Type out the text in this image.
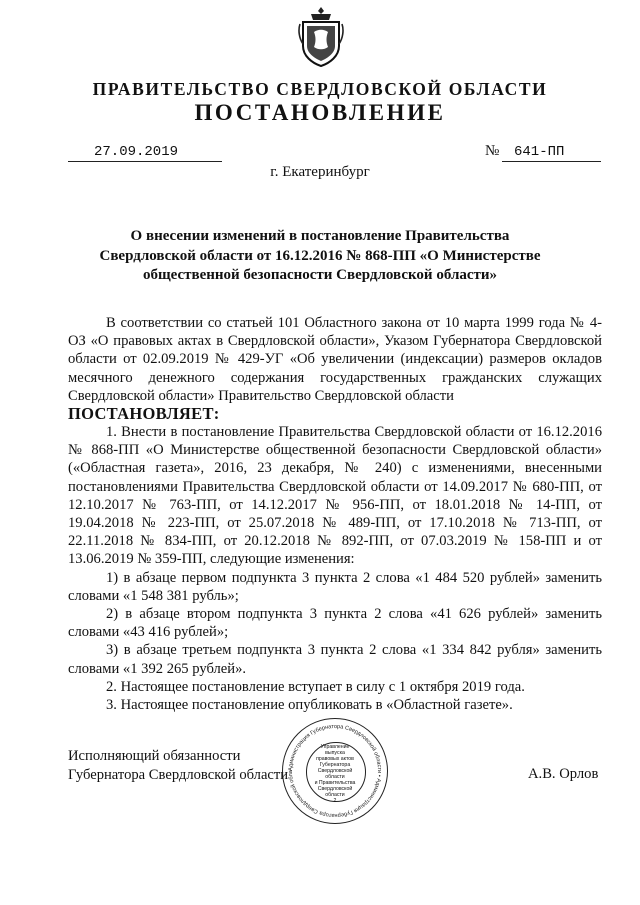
ПРАВИТЕЛЬСТВО СВЕРДЛОВСКОЙ ОБЛАСТИ
ПОСТАНОВЛЕНИЕ
27.09.2019	№ 641-ПП
г. Екатеринбург
О внесении изменений в постановление Правительства Свердловской области от 16.12.2016 № 868-ПП «О Министерстве общественной безопасности Свердловской области»

В соответствии со статьей 101 Областного закона от 10 марта 1999 года № 4-ОЗ «О правовых актах в Свердловской области», Указом Губернатора Свердловской области от 02.09.2019 № 429-УГ «Об увеличении (индексации) размеров окладов месячного денежного содержания государственных гражданских служащих Свердловской области» Правительство Свердловской области

ПОСТАНОВЛЯЕТ:

1. Внести в постановление Правительства Свердловской области от 16.12.2016 № 868-ПП «О Министерстве общественной безопасности Свердловской области» («Областная газета», 2016, 23 декабря, № 240) с изменениями, внесенными постановлениями Правительства Свердловской области от 14.09.2017 № 680-ПП, от 12.10.2017 № 763-ПП, от 14.12.2017 № 956-ПП, от 18.01.2018 № 14-ПП, от 19.04.2018 № 223-ПП, от 25.07.2018 № 489-ПП, от 17.10.2018 № 713-ПП, от 22.11.2018 № 834-ПП, от 20.12.2018 № 892-ПП, от 07.03.2019 № 158-ПП и от 13.06.2019 № 359-ПП, следующие изменения:

1) в абзаце первом подпункта 3 пункта 2 слова «1 484 520 рублей» заменить словами «1 548 381 рубль»;

2) в абзаце втором подпункта 3 пункта 2 слова «41 626 рублей» заменить словами «43 416 рублей»;

3) в абзаце третьем подпункта 3 пункта 2 слова «1 334 842 рубля» заменить словами «1 392 265 рублей».

2. Настоящее постановление вступает в силу с 1 октября 2019 года.

3. Настоящее постановление опубликовать в «Областной газете».

Исполняющий обязанности
Губернатора Свердловской области	А.В. Орлов
Администрация Губернатора Свердловской области • Администрация Губернатора Свердловской обла
Управление
выпуска
правовых актов
Губернатора
Свердловской области
и Правительства
Свердловской
области
2
